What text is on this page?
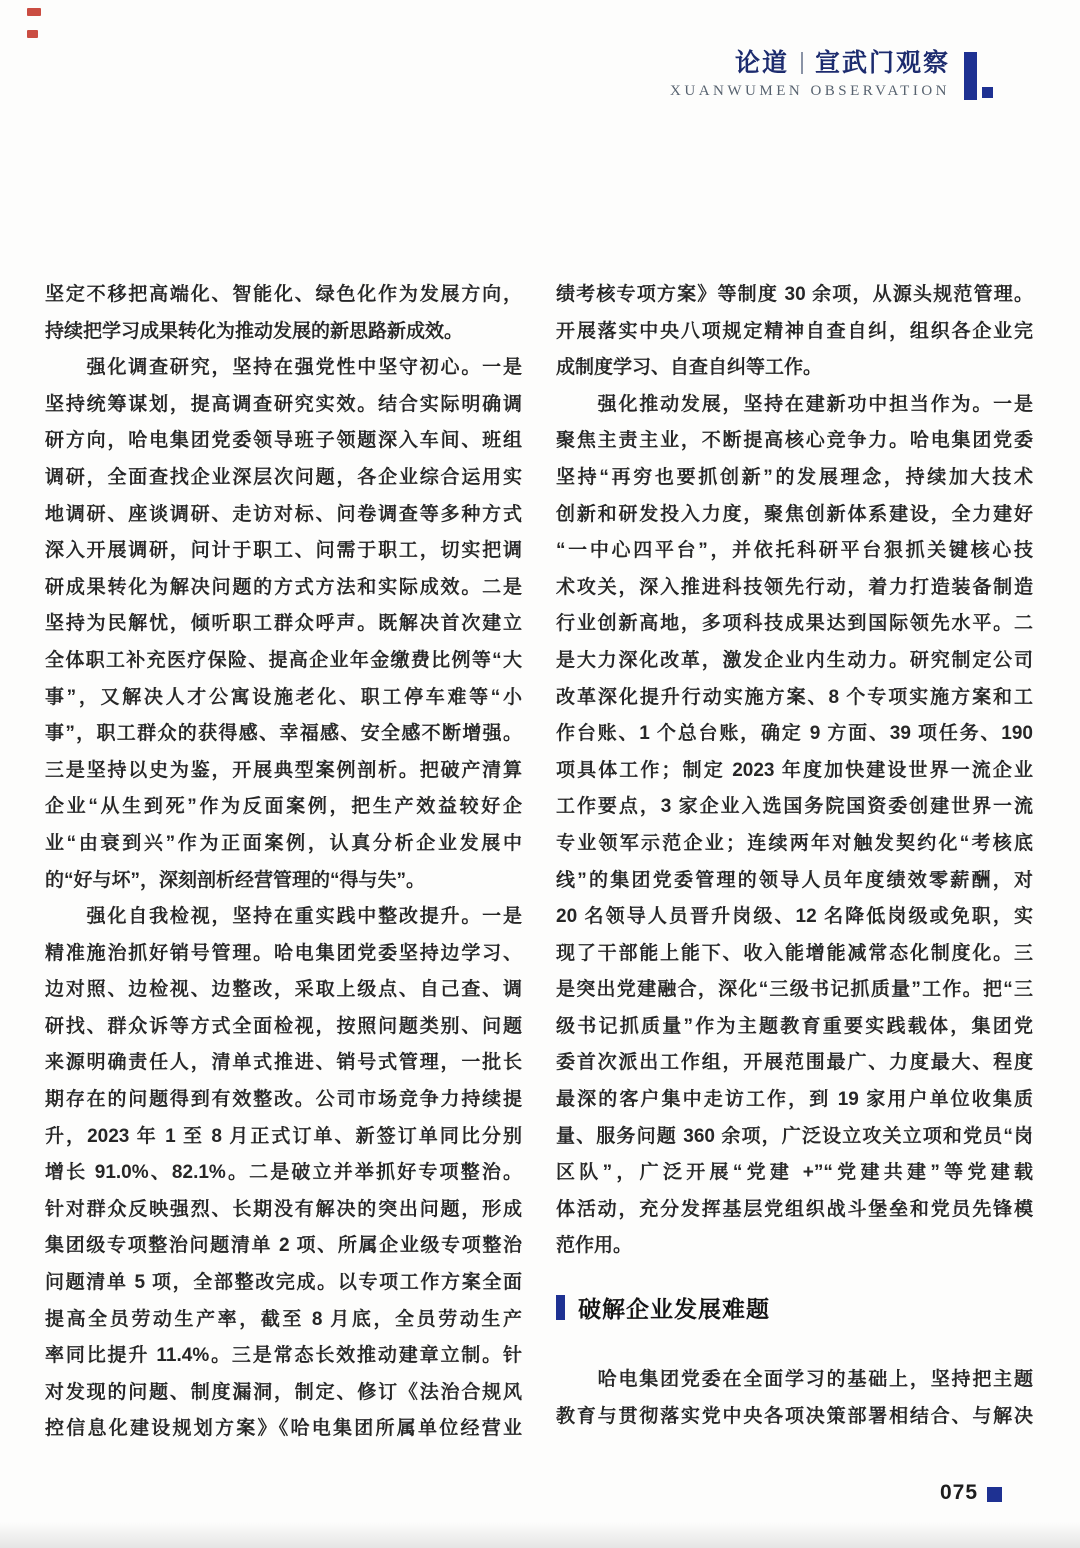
论道 宣武门观察
XUANWUMEN OBSERVATION
坚定不移把高端化、智能化、绿色化作为发展方向，
持续把学习成果转化为推动发展的新思路新成效。
　　强化调查研究，坚持在强党性中坚守初心。一是
坚持统筹谋划，提高调查研究实效。结合实际明确调
研方向，哈电集团党委领导班子领题深入车间、班组
调研，全面查找企业深层次问题，各企业综合运用实
地调研、座谈调研、走访对标、问卷调查等多种方式
深入开展调研，问计于职工、问需于职工，切实把调
研成果转化为解决问题的方式方法和实际成效。二是
坚持为民解忧，倾听职工群众呼声。既解决首次建立
全体职工补充医疗保险、提高企业年金缴费比例等“大
事”，又解决人才公寓设施老化、职工停车难等“小
事”，职工群众的获得感、幸福感、安全感不断增强。
三是坚持以史为鉴，开展典型案例剖析。把破产清算
企业“从生到死”作为反面案例，把生产效益较好企
业“由衰到兴”作为正面案例，认真分析企业发展中
的“好与坏”，深刻剖析经营管理的“得与失”。
　　强化自我检视，坚持在重实践中整改提升。一是
精准施治抓好销号管理。哈电集团党委坚持边学习、
边对照、边检视、边整改，采取上级点、自己查、调
研找、群众诉等方式全面检视，按照问题类别、问题
来源明确责任人，清单式推进、销号式管理，一批长
期存在的问题得到有效整改。公司市场竞争力持续提
升，2023 年 1 至 8 月正式订单、新签订单同比分别
增长 91.0%、82.1%。二是破立并举抓好专项整治。
针对群众反映强烈、长期没有解决的突出问题，形成
集团级专项整治问题清单 2 项、所属企业级专项整治
问题清单 5 项，全部整改完成。以专项工作方案全面
提高全员劳动生产率，截至 8 月底，全员劳动生产
率同比提升 11.4%。三是常态长效推动建章立制。针
对发现的问题、制度漏洞，制定、修订《法治合规风
控信息化建设规划方案》《哈电集团所属单位经营业
绩考核专项方案》等制度 30 余项，从源头规范管理。
开展落实中央八项规定精神自查自纠，组织各企业完
成制度学习、自查自纠等工作。
　　强化推动发展，坚持在建新功中担当作为。一是
聚焦主责主业，不断提高核心竞争力。哈电集团党委
坚持“再穷也要抓创新”的发展理念，持续加大技术
创新和研发投入力度，聚焦创新体系建设，全力建好
“一中心四平台”，并依托科研平台狠抓关键核心技
术攻关，深入推进科技领先行动，着力打造装备制造
行业创新高地，多项科技成果达到国际领先水平。二
是大力深化改革，激发企业内生动力。研究制定公司
改革深化提升行动实施方案、8 个专项实施方案和工
作台账、1 个总台账，确定 9 方面、39 项任务、190
项具体工作；制定 2023 年度加快建设世界一流企业
工作要点，3 家企业入选国务院国资委创建世界一流
专业领军示范企业；连续两年对触发契约化“考核底
线”的集团党委管理的领导人员年度绩效零薪酬，对
20 名领导人员晋升岗级、12 名降低岗级或免职，实
现了干部能上能下、收入能增能减常态化制度化。三
是突出党建融合，深化“三级书记抓质量”工作。把“三
级书记抓质量”作为主题教育重要实践载体，集团党
委首次派出工作组，开展范围最广、力度最大、程度
最深的客户集中走访工作，到 19 家用户单位收集质
量、服务问题 360 余项，广泛设立攻关立项和党员“岗
区队”，广泛开展“党建 +”“党建共建”等党建载
体活动，充分发挥基层党组织战斗堡垒和党员先锋模
范作用。
破解企业发展难题
　　哈电集团党委在全面学习的基础上，坚持把主题
教育与贯彻落实党中央各项决策部署相结合、与解决
075
